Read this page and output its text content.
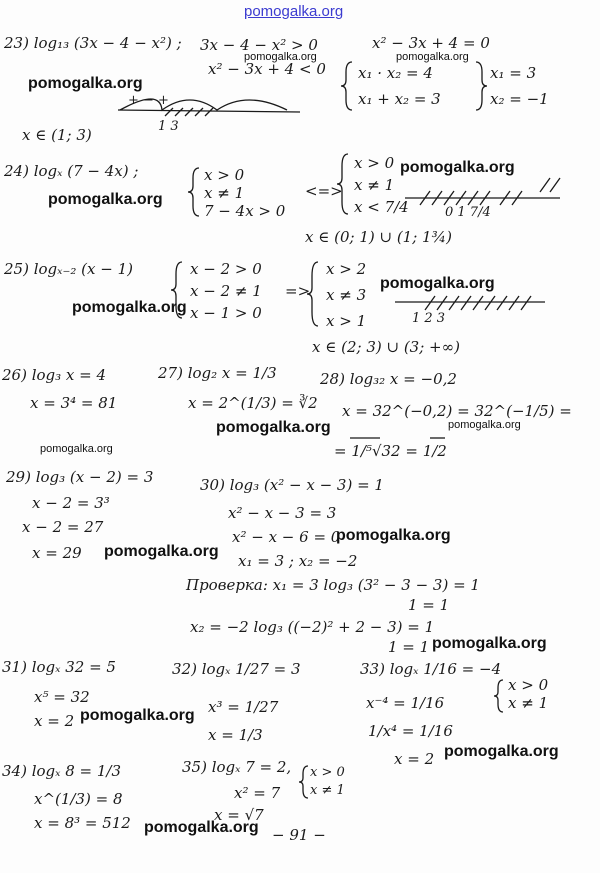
pomogalka.org
23) log₁₃ (3x − 4 − x²) ; 3x − 4 − x² > 0
x² − 3x + 4 < 0
x² − 3x + 4 = 0
x₁ · x₂ = 4
x₁ + x₂ = 3
x₁ = 3
x₂ = −1
+ − +
1 3
x ∈ (1; 3)
24) logₓ (7 − 4x) ;	x > 0
x ≠ 1
7 − 4x > 0
<=>
x > 0
x ≠ 1
x < 7/4	0 1 7/4
x ∈ (0; 1) ∪ (1; 1¾)
25) logₓ₋₂ (x − 1)	x − 2 > 0
x − 2 ≠ 1
x − 1 > 0
=>
x > 2
x ≠ 3
x > 1	1 2 3
x ∈ (2; 3) ∪ (3; +∞)
26) log₃ x = 4
x = 3⁴ = 81
27) log₂ x = 1/3
x = 2^(1/3) = ∛2
28) log₃₂ x = −0,2
x = 32^(−0,2) = 32^(−1/5) =
= 1/⁵√32 = 1/2
29) log₃ (x − 2) = 3
x − 2 = 3³
x − 2 = 27
x = 29
30) log₃ (x² − x − 3) = 1
x² − x − 3 = 3
x² − x − 6 = 0
x₁ = 3 ; x₂ = −2
Проверка: x₁ = 3 log₃ (3² − 3 − 3) = 1
1 = 1
x₂ = −2 log₃ ((−2)² + 2 − 3) = 1
1 = 1
31) logₓ 32 = 5
x⁵ = 32
x = 2
32) logₓ 1/27 = 3
x³ = 1/27
x = 1/3
33) logₓ 1/16 = −4
x > 0
x ≠ 1
x⁻⁴ = 1/16
1/x⁴ = 1/16
x = 2
34) logₓ 8 = 1/3
x^(1/3) = 8
x = 8³ = 512
35) logₓ 7 = 2, x > 0
x ≠ 1
x² = 7
x = √7
− 91 −
pomogalka.org	pomogalka.org
pomogalka.org
pomogalka.org
pomogalka.org
pomogalka.org
pomogalka.org
pomogalka.org	pomogalka.org
pomogalka.org
pomogalka.org
pomogalka.org
pomogalka.org
pomogalka.org
pomogalka.org
pomogalka.org
